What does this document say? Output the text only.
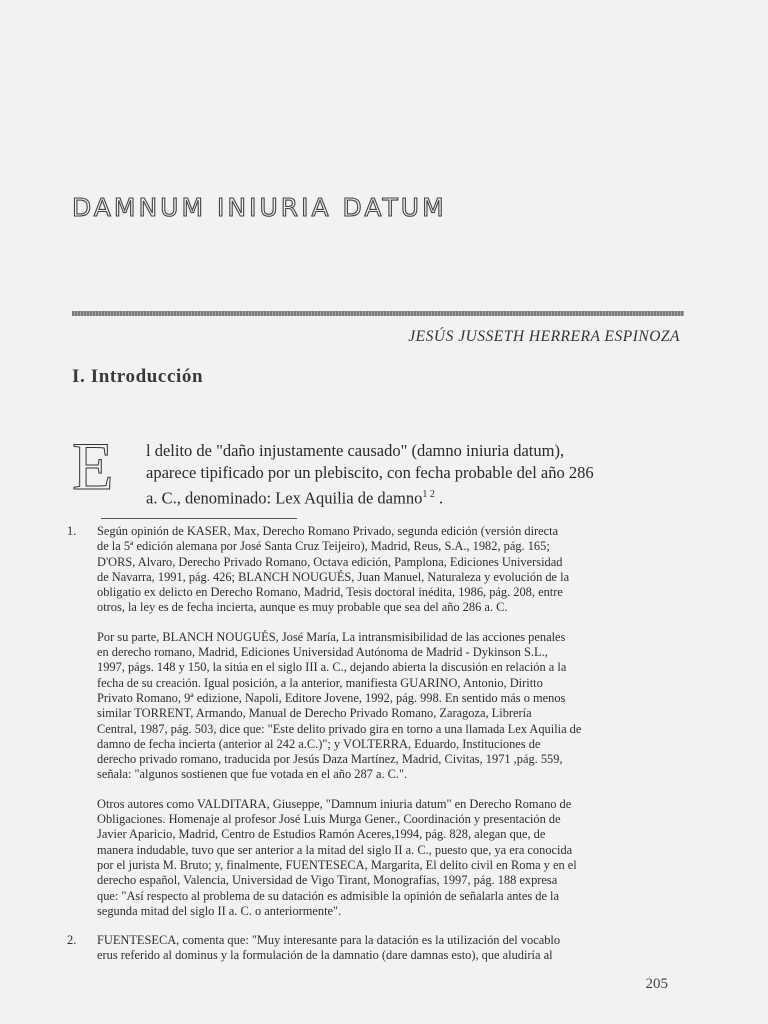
DAMNUM INIURIA DATUM
JESÚS JUSSETH HERRERA ESPINOZA
I. Introducción
E l delito de "daño injustamente causado" (damno iniuria datum),
aparece tipificado por un plebiscito, con fecha probable del año 286
a. C., denominado: Lex Aquilia de damno$^{1 2}$ .
1. Según opinión de KASER, Max, Derecho Romano Privado, segunda edición (versión directa
de la 5ª edición alemana por José Santa Cruz Teijeiro), Madrid, Reus, S.A., 1982, pág. 165;
D'ORS, Alvaro, Derecho Privado Romano, Octava edición, Pamplona, Ediciones Universidad
de Navarra, 1991, pág. 426; BLANCH NOUGUÉS, Juan Manuel, Naturaleza y evolución de la
obligatio ex delicto en Derecho Romano, Madrid, Tesis doctoral inédita, 1986, pág. 208, entre
otros, la ley es de fecha incierta, aunque es muy probable que sea del año 286 a. C.

Por su parte, BLANCH NOUGUÉS, José María, La intransmisibilidad de las acciones penales
en derecho romano, Madrid, Ediciones Universidad Autónoma de Madrid - Dykinson S.L.,
1997, págs. 148 y 150, la sitúa en el siglo III a. C., dejando abierta la discusión en relación a la
fecha de su creación. Igual posición, a la anterior, manifiesta GUARINO, Antonio, Diritto
Privato Romano, 9ª edizione, Napoli, Editore Jovene, 1992, pág. 998. En sentido más o menos
similar TORRENT, Armando, Manual de Derecho Privado Romano, Zaragoza, Librería
Central, 1987, pág. 503, dice que: "Este delito privado gira en torno a una llamada Lex Aquilia de
damno de fecha incierta (anterior al 242 a.C.)"; y VOLTERRA, Eduardo, Instituciones de
derecho privado romano, traducida por Jesús Daza Martínez, Madrid, Civitas, 1971 ,pág. 559,
señala: "algunos sostienen que fue votada en el año 287 a. C.".

Otros autores como VALDITARA, Giuseppe, "Damnum iniuria datum" en Derecho Romano de
Obligaciones. Homenaje al profesor José Luis Murga Gener., Coordinación y presentación de
Javier Aparicio, Madrid, Centro de Estudios Ramón Aceres,1994, pág. 828, alegan que, de
manera indudable, tuvo que ser anterior a la mitad del siglo II a. C., puesto que, ya era conocida
por el jurista M. Bruto; y, finalmente, FUENTESECA, Margarita, El delito civil en Roma y en el
derecho español, Valencia, Universidad de Vigo Tirant, Monografías, 1997, pág. 188 expresa
que: "Así respecto al problema de su datación es admisible la opinión de señalarla antes de la
segunda mitad del siglo II a. C. o anteriormente".

2. FUENTESECA, comenta que: "Muy interesante para la datación es la utilización del vocablo
erus referido al dominus y la formulación de la damnatio (dare damnas esto), que aludiría al

205
